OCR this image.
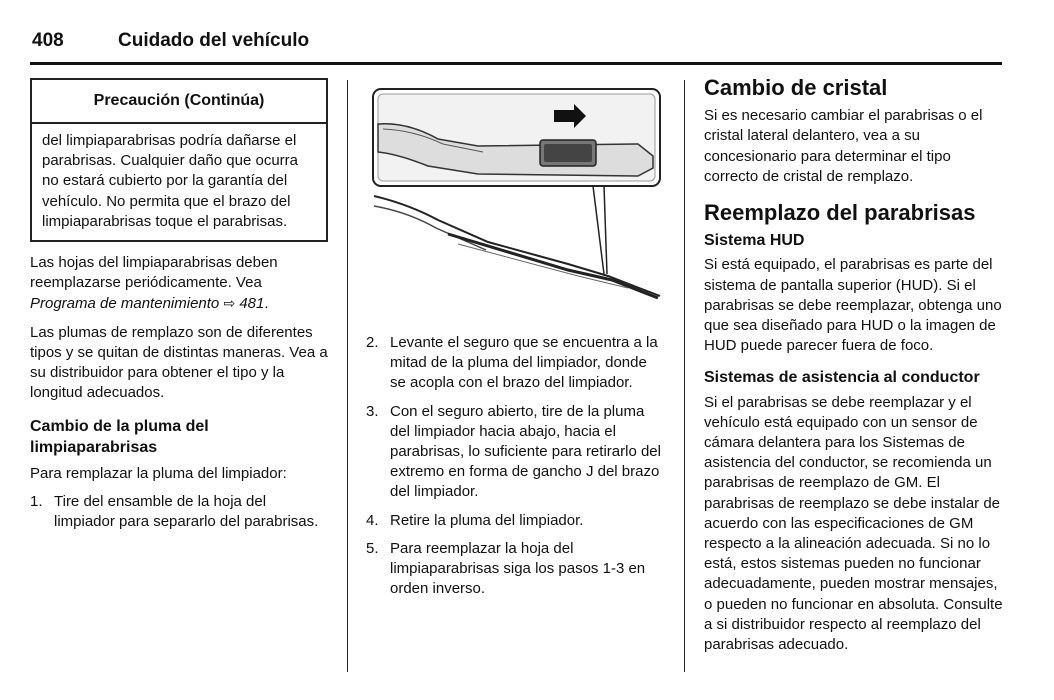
408	Cuidado del vehículo
Precaución (Continúa)
del limpiaparabrisas podría dañarse el parabrisas. Cualquier daño que ocurra no estará cubierto por la garantía del vehículo. No permita que el brazo del limpiaparabrisas toque el parabrisas.

Las hojas del limpiaparabrisas deben reemplazarse periódicamente. Vea Programa de mantenimiento ⇨ 481.

Las plumas de remplazo son de diferentes tipos y se quitan de distintas maneras. Vea a su distribuidor para obtener el tipo y la longitud adecuados.

Cambio de la pluma del limpiaparabrisas

Para remplazar la pluma del limpiador:

1. Tire del ensamble de la hoja del limpiador para separarlo del parabrisas.
2. Levante el seguro que se encuentra a la mitad de la pluma del limpiador, donde se acopla con el brazo del limpiador.
3. Con el seguro abierto, tire de la pluma del limpiador hacia abajo, hacia el parabrisas, lo suficiente para retirarlo del extremo en forma de gancho J del brazo del limpiador.
4. Retire la pluma del limpiador.
5. Para reemplazar la hoja del limpiaparabrisas siga los pasos 1-3 en orden inverso.
Cambio de cristal

Si es necesario cambiar el parabrisas o el cristal lateral delantero, vea a su concesionario para determinar el tipo correcto de cristal de remplazo.

Reemplazo del parabrisas
Sistema HUD

Si está equipado, el parabrisas es parte del sistema de pantalla superior (HUD). Si el parabrisas se debe reemplazar, obtenga uno que sea diseñado para HUD o la imagen de HUD puede parecer fuera de foco.

Sistemas de asistencia al conductor

Si el parabrisas se debe reemplazar y el vehículo está equipado con un sensor de cámara delantera para los Sistemas de asistencia del conductor, se recomienda un parabrisas de reemplazo de GM. El parabrisas de reemplazo se debe instalar de acuerdo con las especificaciones de GM respecto a la alineación adecuada. Si no lo está, estos sistemas pueden no funcionar adecuadamente, pueden mostrar mensajes, o pueden no funcionar en absoluta. Consulte a si distribuidor respecto al reemplazo del parabrisas adecuado.
